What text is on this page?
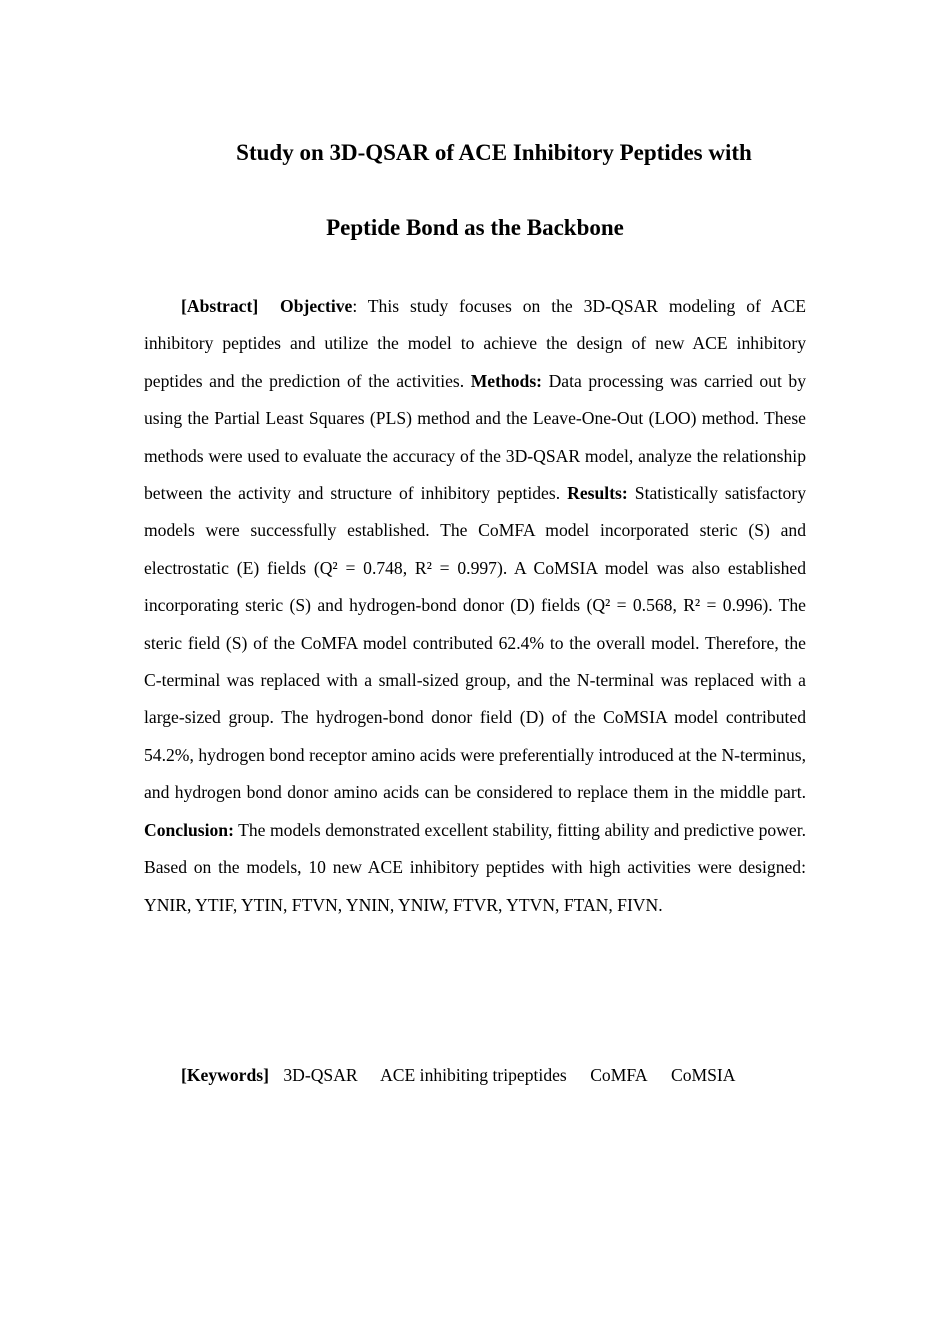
Study on 3D-QSAR of ACE Inhibitory Peptides with
Peptide Bond as the Backbone

[Abstract] Objective: This study focuses on the 3D-QSAR modeling of ACE inhibitory peptides and utilize the model to achieve the design of new ACE inhibitory peptides and the prediction of the activities. Methods: Data processing was carried out by using the Partial Least Squares (PLS) method and the Leave-One-Out (LOO) method. These methods were used to evaluate the accuracy of the 3D-QSAR model, analyze the relationship between the activity and structure of inhibitory peptides. Results: Statistically satisfactory models were successfully established. The CoMFA model incorporated steric (S) and electrostatic (E) fields (Q² = 0.748, R² = 0.997). A CoMSIA model was also established incorporating steric (S) and hydrogen-bond donor (D) fields (Q² = 0.568, R² = 0.996). The steric field (S) of the CoMFA model contributed 62.4% to the overall model. Therefore, the C-terminal was replaced with a small-sized group, and the N-terminal was replaced with a large-sized group. The hydrogen-bond donor field (D) of the CoMSIA model contributed 54.2%, hydrogen bond receptor amino acids were preferentially introduced at the N-terminus, and hydrogen bond donor amino acids can be considered to replace them in the middle part. Conclusion: The models demonstrated excellent stability, fitting ability and predictive power. Based on the models, 10 new ACE inhibitory peptides with high activities were designed: YNIR, YTIF, YTIN, FTVN, YNIN, YNIW, FTVR, YTVN, FTAN, FIVN.

[Keywords] 3D-QSAR ACE inhibiting tripeptides CoMFA CoMSIA
